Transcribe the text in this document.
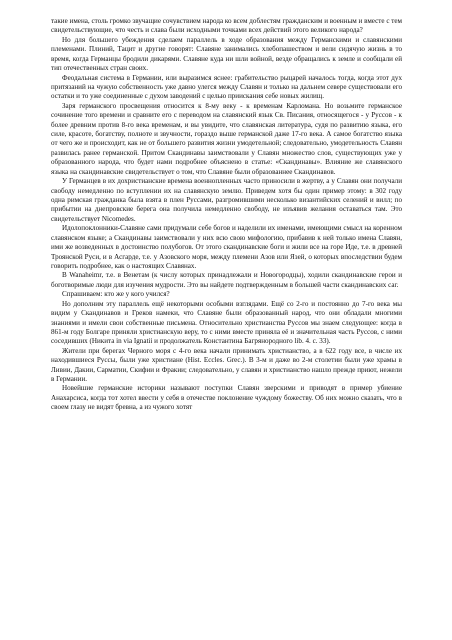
такие имена, столь громко звучащие сочувствием народа ко всем доблестям гражданским и военным и вместе с тем свидетельствующие, что честь и слава были исходными точками всех действий этого великого народа?

Но для большего убеждения сделаем параллель в ходе образования между Германскими и славянскими племенами. Плиний, Тацит и другие говорят: Славяне занимались хлебопашеством и вели сидячую жизнь в то время, когда Германцы бродили дикарями. Славяне куда ни шли войной, везде обращались к земле и сообщали ей тип отечественных стран своих.

Феодальная система в Германии, или выразимся яснее: грабительство рыцарей началось тогда, когда этот дух притязаний на чужую собственность уже давно улегся между Славян и только на дальнем севере существовали его остатки и то уже соединенные с духом заводений с целью приискания себе новых жилищ.

Заря германского просвещения относится к 8-му веку - к временам Карломана. Но возьмите германское сочинение того времени и сравните его с переводом на славянский язык Св. Писания, относящегося - у Руссов - к более древним против 8-го века временам, и вы увидите, что славянская литература, судя по развитию языка, его силе, красоте, богатству, полноте и звучности, гораздо выше германской даже 17-го века. А самое богатство языка от чего же и происходит, как не от большего развития жизни умодетельной; следовательно, умодетельность Славян развилась ранее германской. Притом Скандинавы заимствовали у Славян множество слов, существующих уже у образованного народа, что будет нами подробнее объяснено в статье: «Скандинавы». Влияние же славянского языка на скандинавские свидетельствует о том, что Славяне были образованнее Скандинавов.

У Германцев в их дохристианские времена военнопленных часто приносили в жертву, а у Славян они получали свободу немедленно по вступлении их на славянскую землю. Приведем хотя бы один пример этому: в 302 году одна римская гражданка была взята в плен Руссами, разгромившими несколько византийских селений и вилл; по прибытии на днепровские берега она получила немедленно свободу, не изъявив желания оставаться там. Это свидетельствует Nicomedes.

Идолопоклонники-Славяне сами придумали себе богов и наделили их именами, имеющими смысл на коренном славянском языке; а Скандинавы заимствовали у них всю свою мифологию, прибавив к ней только имена Славян, ими же возведенных в достоинство полубогов. От этого скандинавские боги и жили все на горе Иде, т.е. в древней Троянской Руси, и в Асгарде, т.е. у Азовского моря, между племени Азов или Язей, о которых впоследствии будем говорить подробнее, как о настоящих Славянах.

В Wanaheimr, т.е. в Венетам (к числу которых принадлежали и Новогородцы), ходили скандинавские герои и боготворимые люди для изучения мудрости. Это вы найдете подтвержденным в большей части скандинавских саг.

Спрашиваем: кто же у кого учился?

Но дополним эту параллель ещё некоторыми особыми взглядами. Ещё со 2-го и постоянно до 7-го века мы видим у Скандинавов и Греков намеки, что Славяне были образованный народ, что они обладали многими знаниями и имели свои собственные письмена. Относительно христианства Руссов мы знаем следующее: когда в 861-м году Болгаре приняли христианскую веру, то с ними вместе приняла её и значительная часть Руссов, с ними соседивших (Никита in via Ignatii и продолжатель Константина Багрянородного lib. 4. c. 33).

Жители при берегах Черного моря с 4-го века начали принимать христианство, а в 622 году все, в числе их находившиеся Руссы, были уже христиане (Hist. Eccles. Grec.). В 3-м и даже во 2-м столетии были уже храмы в Ливии, Дакии, Сарматии, Скифии и Фракии; следовательно, у славян и христианство нашло прежде приют, нежели в Германии.

Новейшие германские историки называют поступки Славян зверскими и приводят в пример убиение Анахарсиса, когда тот хотел ввести у себя в отечестве поклонение чуждому божеству. Об них можно сказать, что в своем глазу не видят бревна, а из чужого хотят
